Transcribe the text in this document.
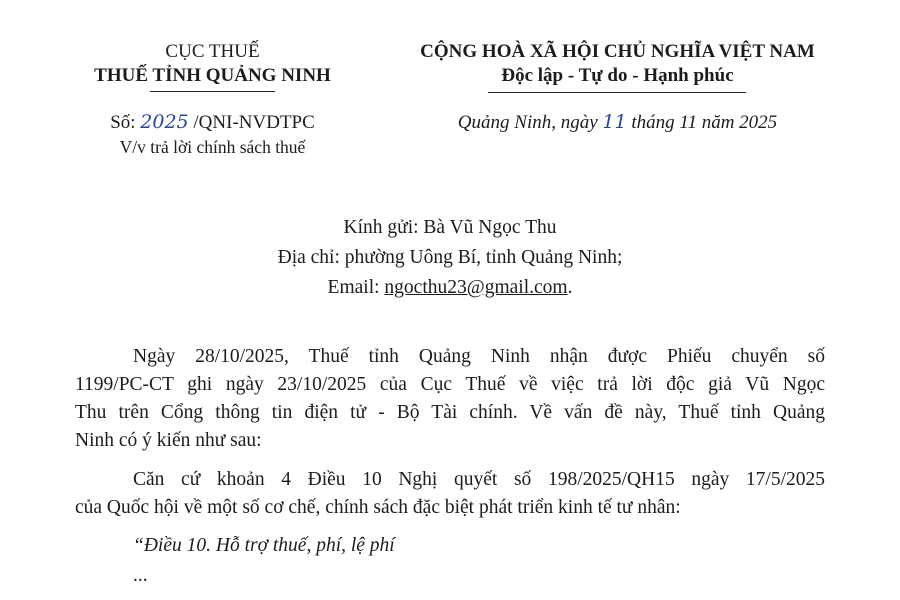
CỤC THUẾ
THUẾ TỈNH QUẢNG NINH
Số: 2025 /QNI-NVDTPC
V/v trả lời chính sách thuế
CỘNG HOÀ XÃ HỘI CHỦ NGHĨA VIỆT NAM
Độc lập - Tự do - Hạnh phúc
Quảng Ninh, ngày 11 tháng 11 năm 2025
Kính gửi: Bà Vũ Ngọc Thu
Địa chỉ: phường Uông Bí, tỉnh Quảng Ninh;
Email: ngocthu23@gmail.com.
Ngày 28/10/2025, Thuế tỉnh Quảng Ninh nhận được Phiếu chuyển số
1199/PC-CT ghi ngày 23/10/2025 của Cục Thuế về việc trả lời độc giả Vũ Ngọc
Thu trên Cổng thông tin điện tử - Bộ Tài chính. Về vấn đề này, Thuế tỉnh Quảng
Ninh có ý kiến như sau:
Căn cứ khoản 4 Điều 10 Nghị quyết số 198/2025/QH15 ngày 17/5/2025
của Quốc hội về một số cơ chế, chính sách đặc biệt phát triển kinh tế tư nhân:
“Điều 10. Hỗ trợ thuế, phí, lệ phí
...
